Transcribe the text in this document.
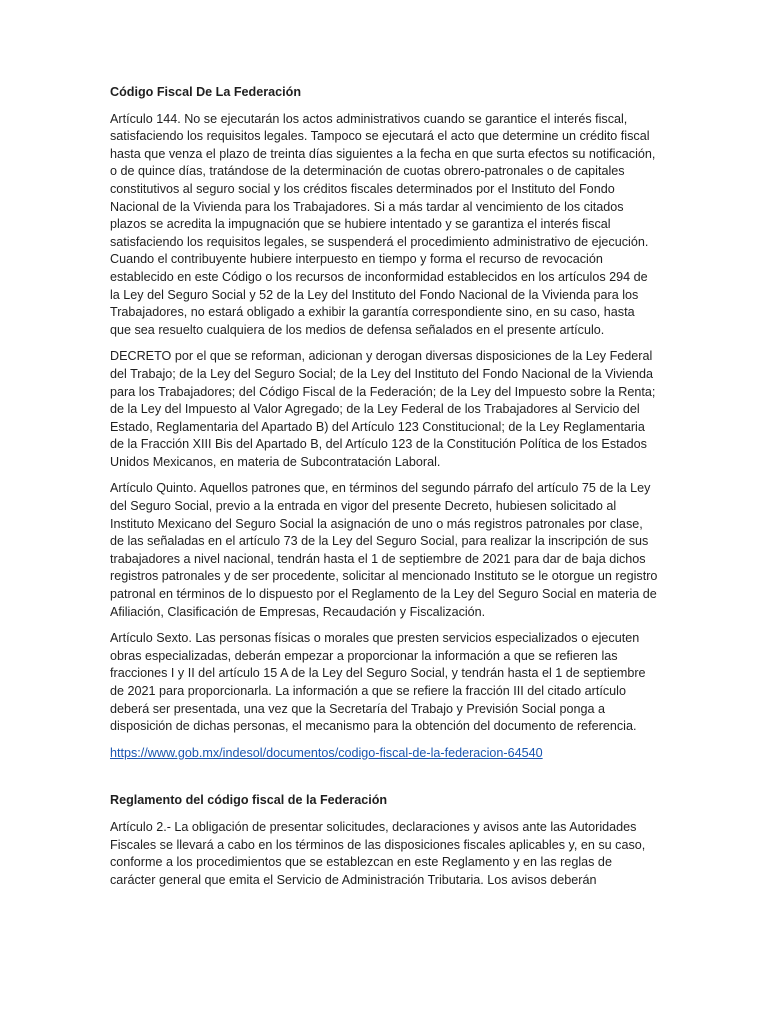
Código Fiscal De La Federación

Artículo 144. No se ejecutarán los actos administrativos cuando se garantice el interés fiscal, satisfaciendo los requisitos legales. Tampoco se ejecutará el acto que determine un crédito fiscal hasta que venza el plazo de treinta días siguientes a la fecha en que surta efectos su notificación, o de quince días, tratándose de la determinación de cuotas obrero-patronales o de capitales constitutivos al seguro social y los créditos fiscales determinados por el Instituto del Fondo Nacional de la Vivienda para los Trabajadores. Si a más tardar al vencimiento de los citados plazos se acredita la impugnación que se hubiere intentado y se garantiza el interés fiscal satisfaciendo los requisitos legales, se suspenderá el procedimiento administrativo de ejecución. Cuando el contribuyente hubiere interpuesto en tiempo y forma el recurso de revocación establecido en este Código o los recursos de inconformidad establecidos en los artículos 294 de la Ley del Seguro Social y 52 de la Ley del Instituto del Fondo Nacional de la Vivienda para los Trabajadores, no estará obligado a exhibir la garantía correspondiente sino, en su caso, hasta que sea resuelto cualquiera de los medios de defensa señalados en el presente artículo.

DECRETO por el que se reforman, adicionan y derogan diversas disposiciones de la Ley Federal del Trabajo; de la Ley del Seguro Social; de la Ley del Instituto del Fondo Nacional de la Vivienda para los Trabajadores; del Código Fiscal de la Federación; de la Ley del Impuesto sobre la Renta; de la Ley del Impuesto al Valor Agregado; de la Ley Federal de los Trabajadores al Servicio del Estado, Reglamentaria del Apartado B) del Artículo 123 Constitucional; de la Ley Reglamentaria de la Fracción XIII Bis del Apartado B, del Artículo 123 de la Constitución Política de los Estados Unidos Mexicanos, en materia de Subcontratación Laboral.

Artículo Quinto. Aquellos patrones que, en términos del segundo párrafo del artículo 75 de la Ley del Seguro Social, previo a la entrada en vigor del presente Decreto, hubiesen solicitado al Instituto Mexicano del Seguro Social la asignación de uno o más registros patronales por clase, de las señaladas en el artículo 73 de la Ley del Seguro Social, para realizar la inscripción de sus trabajadores a nivel nacional, tendrán hasta el 1 de septiembre de 2021 para dar de baja dichos registros patronales y de ser procedente, solicitar al mencionado Instituto se le otorgue un registro patronal en términos de lo dispuesto por el Reglamento de la Ley del Seguro Social en materia de Afiliación, Clasificación de Empresas, Recaudación y Fiscalización.

Artículo Sexto. Las personas físicas o morales que presten servicios especializados o ejecuten obras especializadas, deberán empezar a proporcionar la información a que se refieren las fracciones I y II del artículo 15 A de la Ley del Seguro Social, y tendrán hasta el 1 de septiembre de 2021 para proporcionarla. La información a que se refiere la fracción III del citado artículo deberá ser presentada, una vez que la Secretaría del Trabajo y Previsión Social ponga a disposición de dichas personas, el mecanismo para la obtención del documento de referencia.

https://www.gob.mx/indesol/documentos/codigo-fiscal-de-la-federacion-64540

Reglamento del código fiscal de la Federación

Artículo 2.- La obligación de presentar solicitudes, declaraciones y avisos ante las Autoridades Fiscales se llevará a cabo en los términos de las disposiciones fiscales aplicables y, en su caso, conforme a los procedimientos que se establezcan en este Reglamento y en las reglas de carácter general que emita el Servicio de Administración Tributaria. Los avisos deberán
